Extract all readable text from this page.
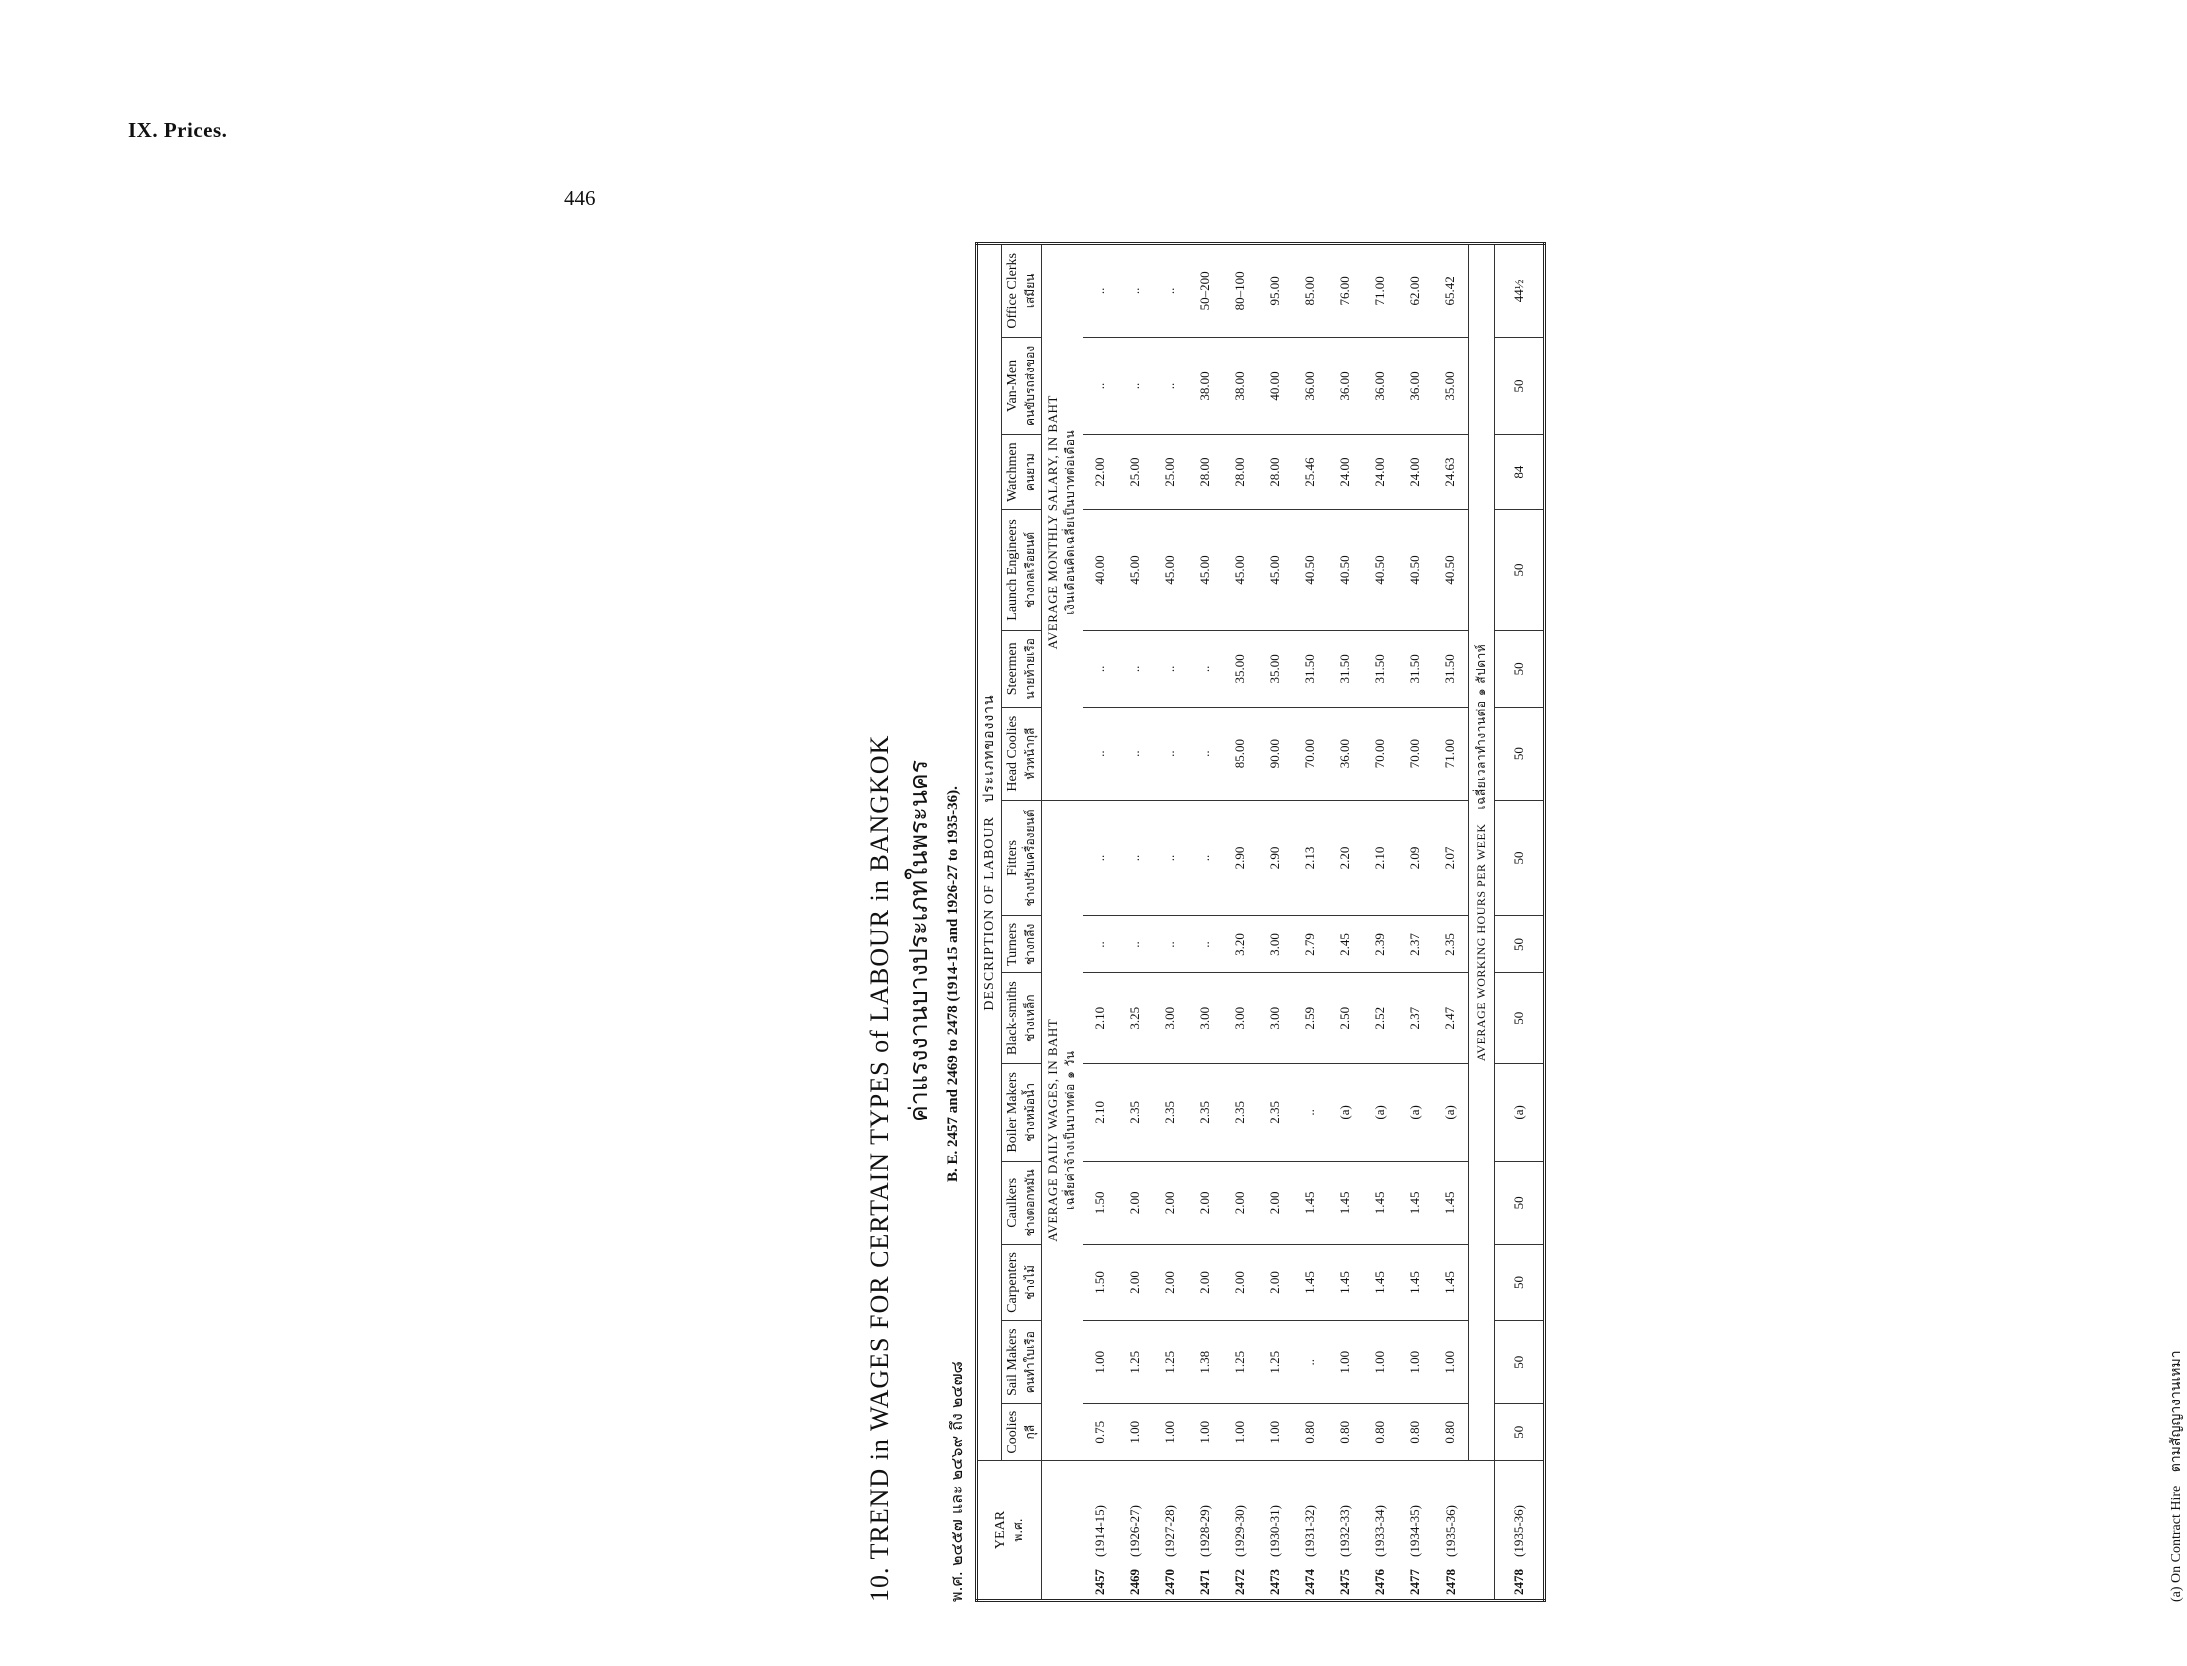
IX. Prices.
446
10. TREND in WAGES FOR CERTAIN TYPES of LABOUR in BANGKOK ค่าแรงงานบางประเภทในพระนคร
พ.ศ. ๒๔๕๗ และ ๒๔๖๙ ถึง ๒๔๗๘
B. E. 2457 and 2469 to 2478 (1914-15 and 1926-27 to 1935-36).
YEAR พ.ศ.	DESCRIPTION OF LABOUR   ประเภทของงาน													
	Coolies กุลี	Sail Makers คนทำใบเรือ	Carpenters ช่างไม้	Caulkers ช่างตอกหมัน	Boiler Makers ช่างหม้อน้ำ	Black-smiths ช่างเหล็ก	Turners ช่างกลึง	Fitters ช่างปรับเครื่องยนต์	Head Coolies หัวหน้ากุลี	Steermen นายท้ายเรือ	Launch Engineers ช่างกลเรือยนต์	Watchmen คนยาม	Van-Men คนขับรถส่งของ	Office Clerks เสมียน

	AVERAGE DAILY WAGES, IN BAHT เฉลี่ยค่าจ้างเป็นบาทต่อ ๑ วัน								AVERAGE MONTHLY SALARY, IN BAHT เงินเดือนคิดเฉลี่ยเป็นบาทต่อเดือน					

2457(1914-15)	0.75	1.00	1.50	1.50	2.10	2.10	..	..	..	..	40.00	22.00	..	..
2469(1926-27)	1.00	1.25	2.00	2.00	2.35	3.25	..	..	..	..	45.00	25.00	..	..
2470(1927-28)	1.00	1.25	2.00	2.00	2.35	3.00	..	..	..	..	45.00	25.00	..	..
2471(1928-29)	1.00	1.38	2.00	2.00	2.35	3.00	..	..	..	..	45.00	28.00	38.00	50–200
2472(1929-30)	1.00	1.25	2.00	2.00	2.35	3.00	3.20	2.90	85.00	35.00	45.00	28.00	38.00	80–100
2473(1930-31)	1.00	1.25	2.00	2.00	2.35	3.00	3.00	2.90	90.00	35.00	45.00	28.00	40.00	95.00
2474(1931-32)	0.80	..	1.45	1.45	..	2.59	2.79	2.13	70.00	31.50	40.50	25.46	36.00	85.00
2475(1932-33)	0.80	1.00	1.45	1.45	(a)	2.50	2.45	2.20	36.00	31.50	40.50	24.00	36.00	76.00
2476(1933-34)	0.80	1.00	1.45	1.45	(a)	2.52	2.39	2.10	70.00	31.50	40.50	24.00	36.00	71.00
2477(1934-35)	0.80	1.00	1.45	1.45	(a)	2.37	2.37	2.09	70.00	31.50	40.50	24.00	36.00	62.00
2478(1935-36)	0.80	1.00	1.45	1.45	(a)	2.47	2.35	2.07	71.00	31.50	40.50	24.63	35.00	65.42
	AVERAGE WORKING HOURS PER WEEKเฉลี่ยเวลาทำงานต่อ ๑ สัปดาห์													
2478(1935-36)	50	50	50	50	(a)	50	50	50	50	50	50	84	50	44½
(a) On Contract Hire ตามสัญญางานเหมา
